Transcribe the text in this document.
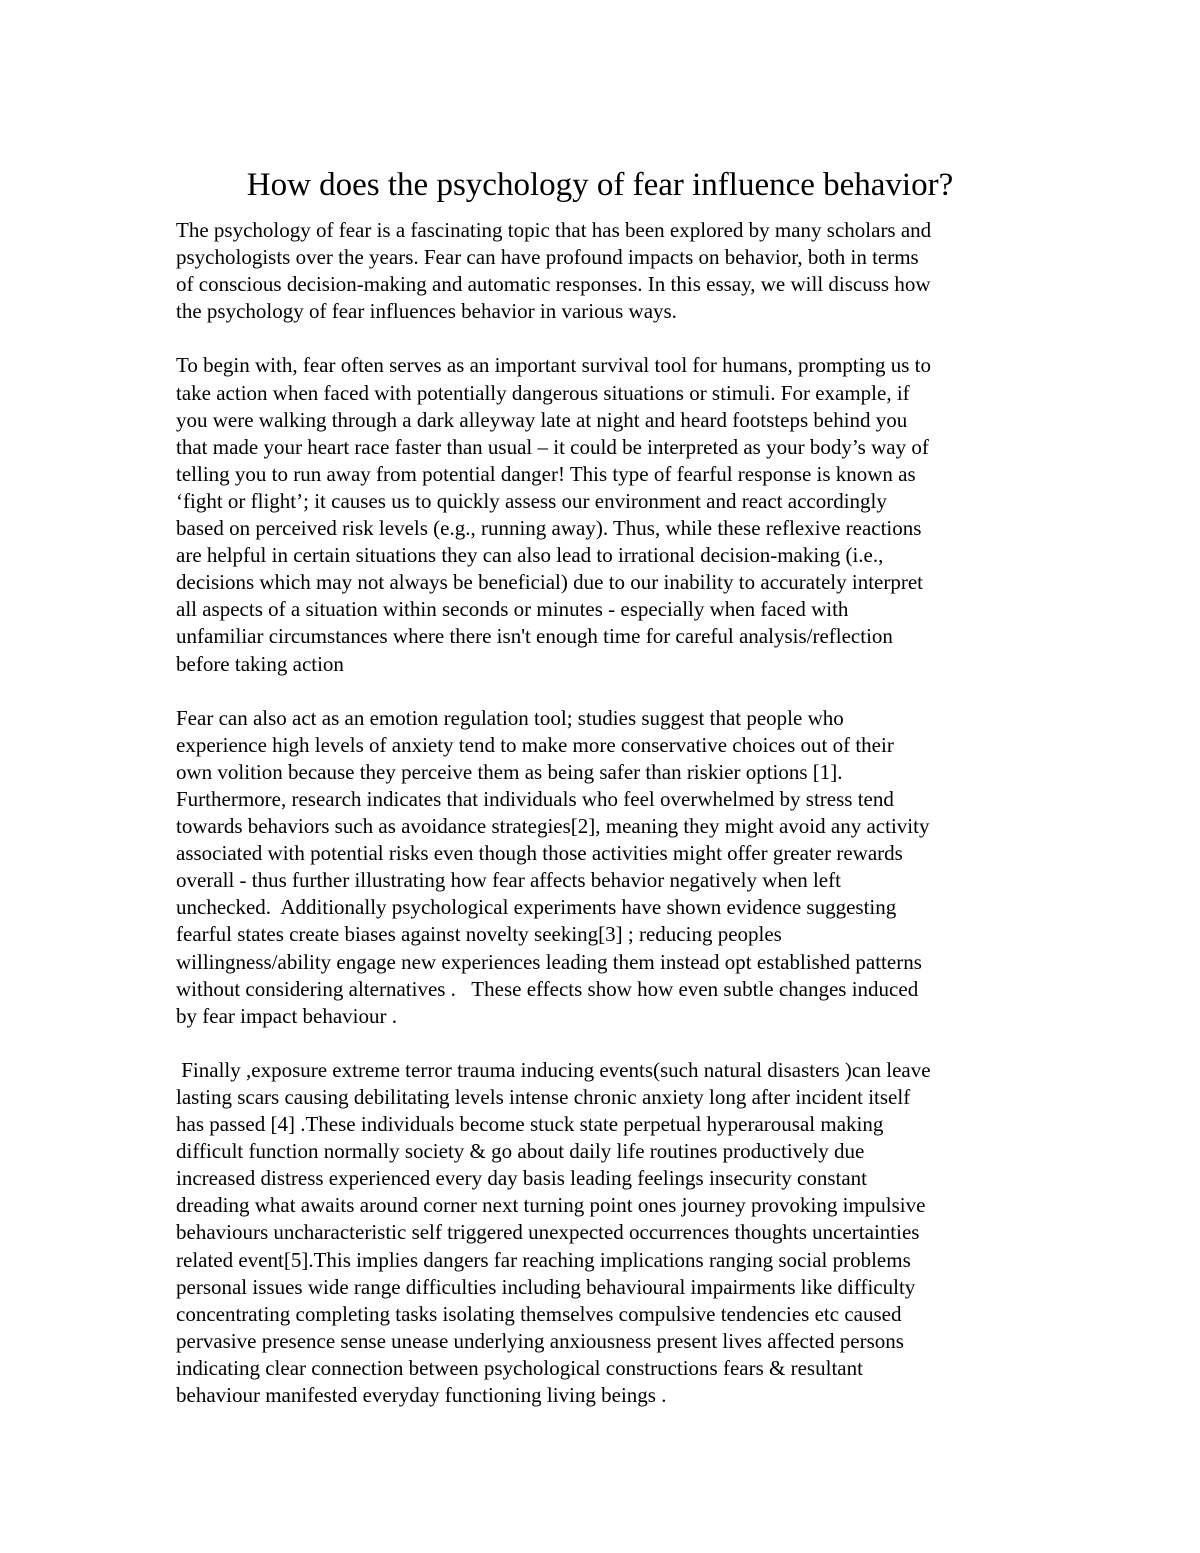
How does the psychology of fear influence behavior?

The psychology of fear is a fascinating topic that has been explored by many scholars and
psychologists over the years. Fear can have profound impacts on behavior, both in terms
of conscious decision-making and automatic responses. In this essay, we will discuss how
the psychology of fear influences behavior in various ways.

To begin with, fear often serves as an important survival tool for humans, prompting us to
take action when faced with potentially dangerous situations or stimuli. For example, if
you were walking through a dark alleyway late at night and heard footsteps behind you
that made your heart race faster than usual – it could be interpreted as your body’s way of
telling you to run away from potential danger! This type of fearful response is known as
‘fight or flight’; it causes us to quickly assess our environment and react accordingly
based on perceived risk levels (e.g., running away). Thus, while these reflexive reactions
are helpful in certain situations they can also lead to irrational decision-making (i.e.,
decisions which may not always be beneficial) due to our inability to accurately interpret
all aspects of a situation within seconds or minutes - especially when faced with
unfamiliar circumstances where there isn't enough time for careful analysis/reflection
before taking action

Fear can also act as an emotion regulation tool; studies suggest that people who
experience high levels of anxiety tend to make more conservative choices out of their
own volition because they perceive them as being safer than riskier options [1].
Furthermore, research indicates that individuals who feel overwhelmed by stress tend
towards behaviors such as avoidance strategies[2], meaning they might avoid any activity
associated with potential risks even though those activities might offer greater rewards
overall - thus further illustrating how fear affects behavior negatively when left
unchecked.  Additionally psychological experiments have shown evidence suggesting
fearful states create biases against novelty seeking[3] ; reducing peoples
willingness/ability engage new experiences leading them instead opt established patterns
without considering alternatives .   These effects show how even subtle changes induced
by fear impact behaviour .

Finally ,exposure extreme terror trauma inducing events(such natural disasters )can leave
lasting scars causing debilitating levels intense chronic anxiety long after incident itself
has passed [4] .These individuals become stuck state perpetual hyperarousal making
difficult function normally society & go about daily life routines productively due
increased distress experienced every day basis leading feelings insecurity constant
dreading what awaits around corner next turning point ones journey provoking impulsive
behaviours uncharacteristic self triggered unexpected occurrences thoughts uncertainties
related event[5].This implies dangers far reaching implications ranging social problems
personal issues wide range difficulties including behavioural impairments like difficulty
concentrating completing tasks isolating themselves compulsive tendencies etc caused
pervasive presence sense unease underlying anxiousness present lives affected persons
indicating clear connection between psychological constructions fears & resultant
behaviour manifested everyday functioning living beings .
